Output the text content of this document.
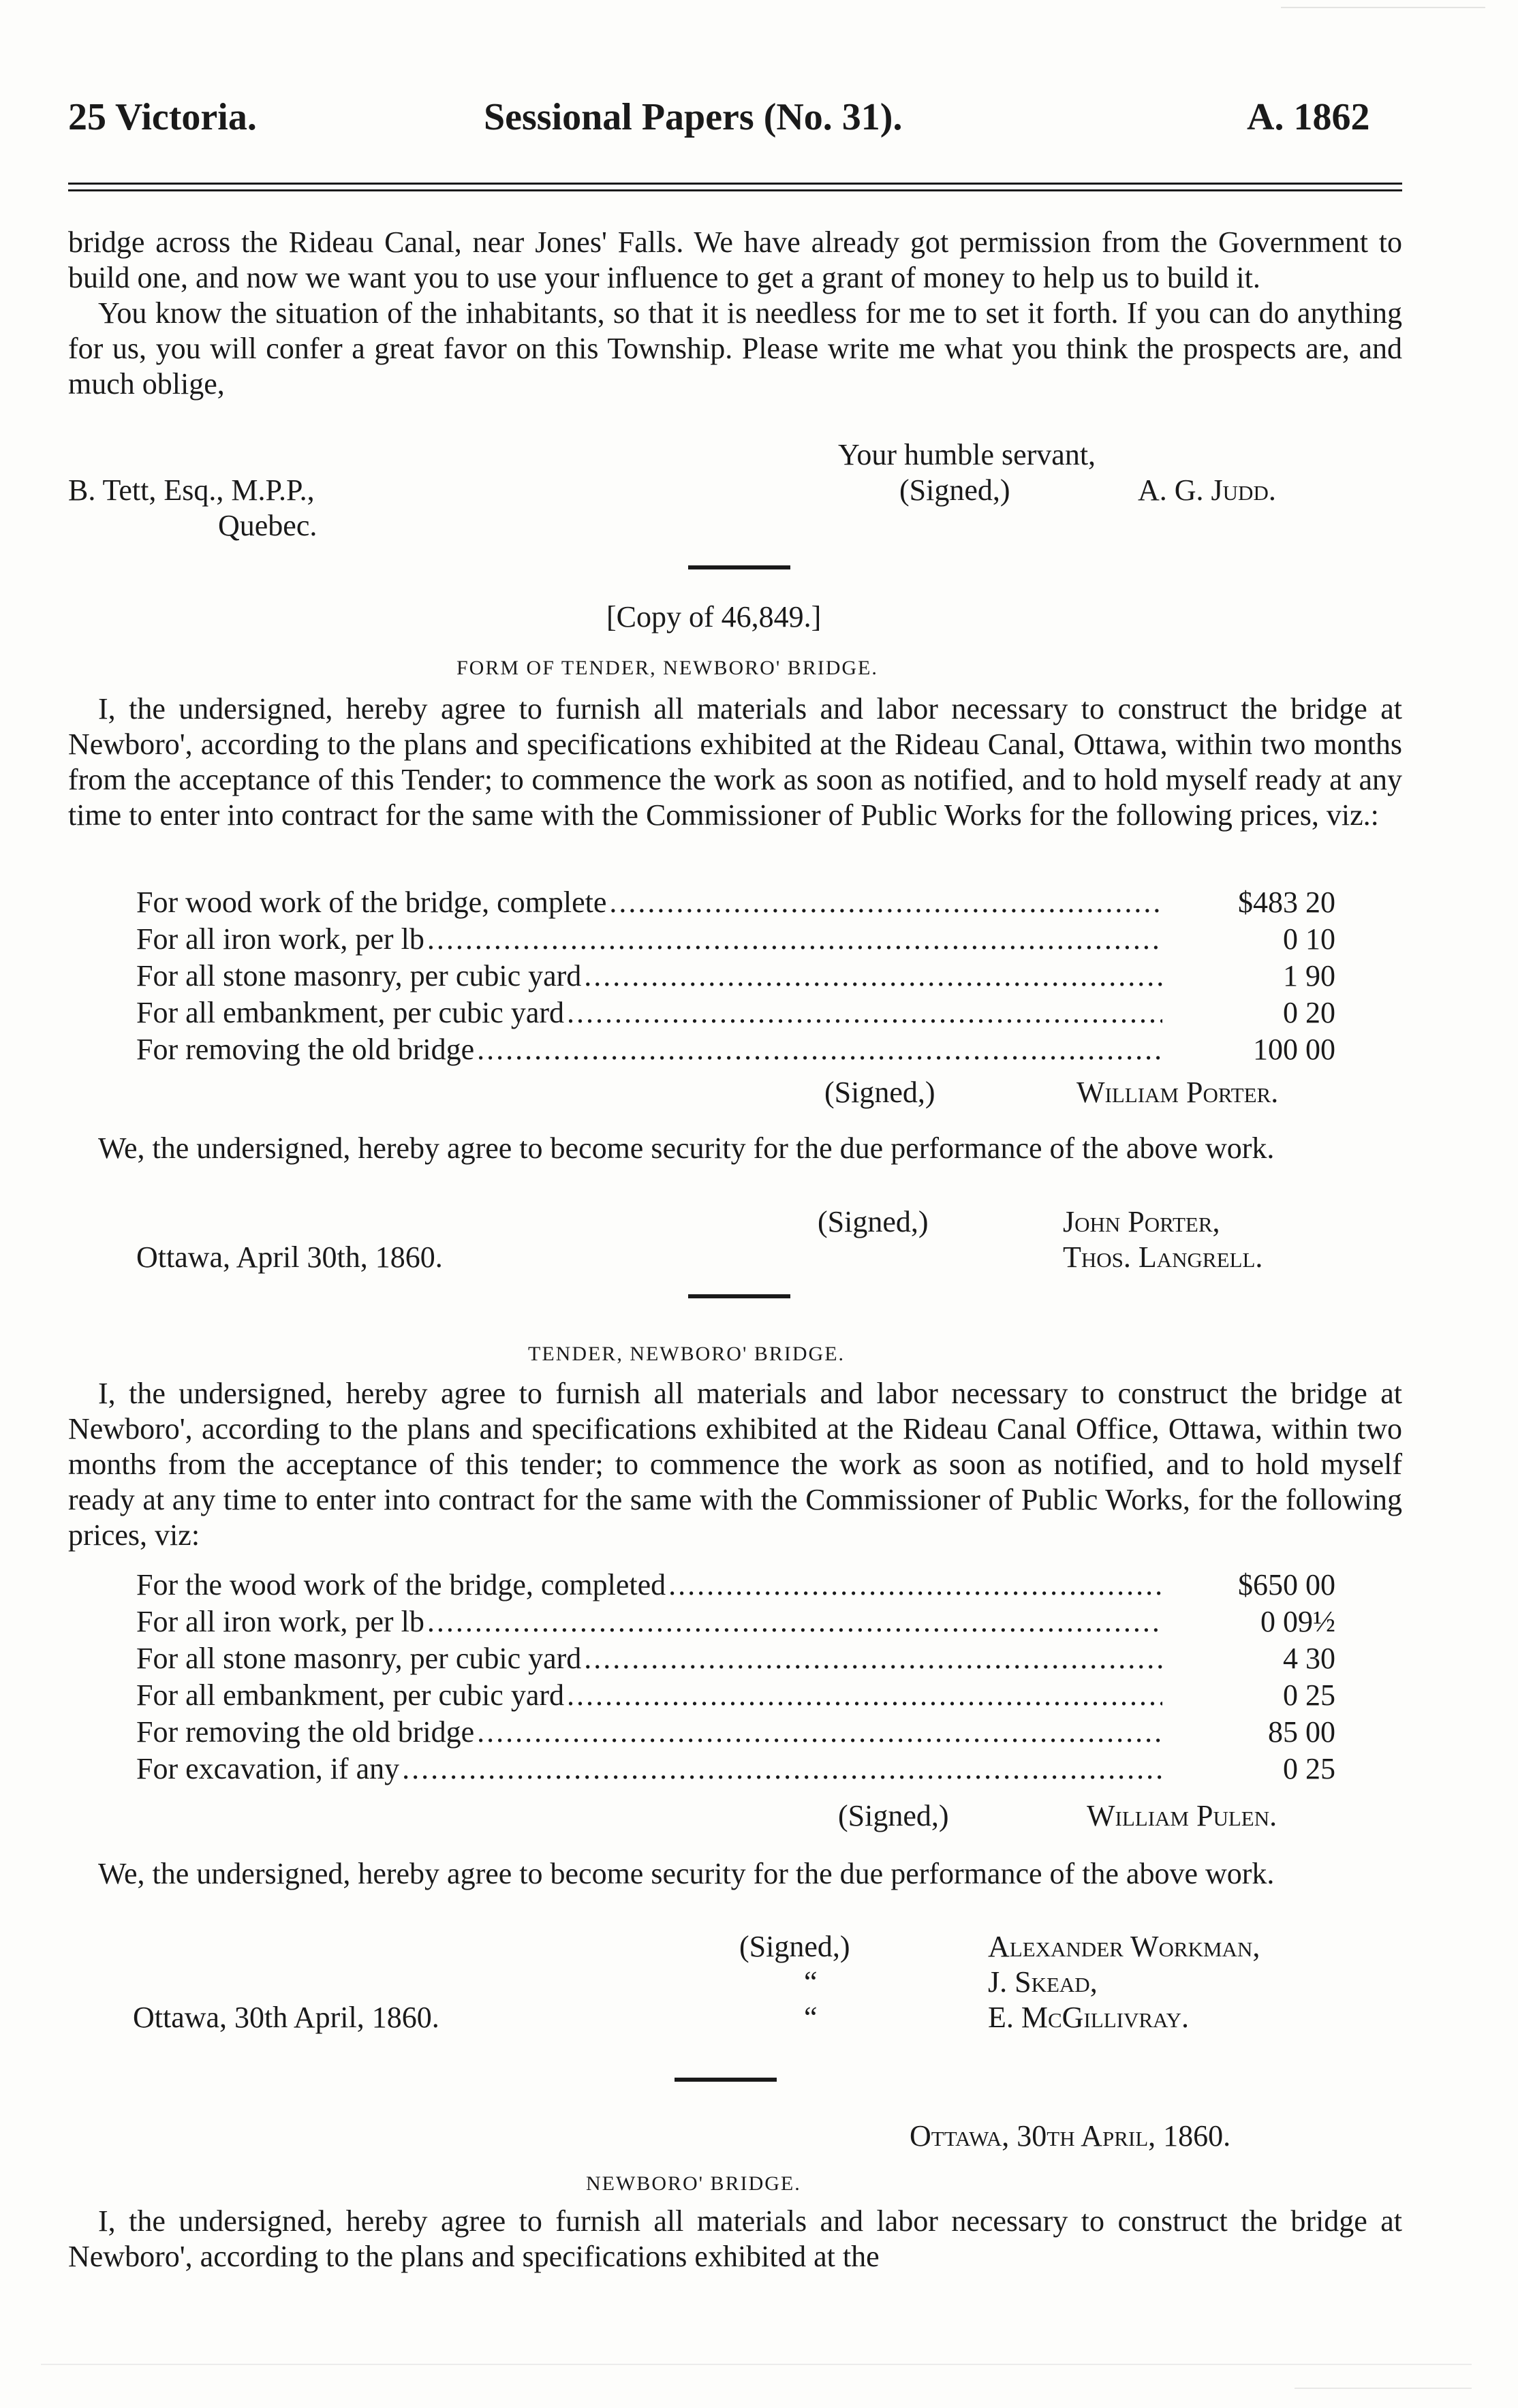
25 Victoria.	Sessional Papers (No. 31).	A. 1862

bridge across the Rideau Canal, near Jones' Falls. We have already got permission from the Government to build one, and now we want you to use your influence to get a grant of money to help us to build it.

You know the situation of the inhabitants, so that it is needless for me to set it forth. If you can do anything for us, you will confer a great favor on this Township. Please write me what you think the prospects are, and much oblige,

Your humble servant,
B. Tett, Esq., M.P.P.,	(Signed,)	A. G. Judd.
Quebec.
[Copy of 46,849.]
FORM OF TENDER, NEWBORO' BRIDGE.

I, the undersigned, hereby agree to furnish all materials and labor necessary to construct the bridge at Newboro', according to the plans and specifications exhibited at the Rideau Canal, Ottawa, within two months from the acceptance of this Tender; to commence the work as soon as notified, and to hold myself ready at any time to enter into contract for the same with the Commissioner of Public Works for the following prices, viz.:

For wood work of the bridge, complete .....	$483 20
For all iron work, per lb .....	0 10
For all stone masonry, per cubic yard .....	1 90
For all embankment, per cubic yard .....	0 20
For removing the old bridge .....	100 00
(Signed,)	William Porter.

We, the undersigned, hereby agree to become security for the due performance of the above work.

(Signed,)	John Porter,
Thos. Langrell.
Ottawa, April 30th, 1860.
TENDER, NEWBORO' BRIDGE.

I, the undersigned, hereby agree to furnish all materials and labor necessary to construct the bridge at Newboro', according to the plans and specifications exhibited at the Rideau Canal Office, Ottawa, within two months from the acceptance of this tender; to commence the work as soon as notified, and to hold myself ready at any time to enter into contract for the same with the Commissioner of Public Works, for the following prices, viz:

For the wood work of the bridge, completed .....	$650 00
For all iron work, per lb .....	0 09½
For all stone masonry, per cubic yard .....	4 30
For all embankment, per cubic yard .....	0 25
For removing the old bridge .....	85 00
For excavation, if any .....	0 25
(Signed,)	William Pulen.

We, the undersigned, hereby agree to become security for the due performance of the above work.

(Signed,)	Alexander Workman,
“	J. Skead,
“	E. McGillivray.
Ottawa, 30th April, 1860.
Ottawa, 30th April, 1860.
NEWBORO' BRIDGE.

I, the undersigned, hereby agree to furnish all materials and labor necessary to construct the bridge at Newboro', according to the plans and specifications exhibited at the
